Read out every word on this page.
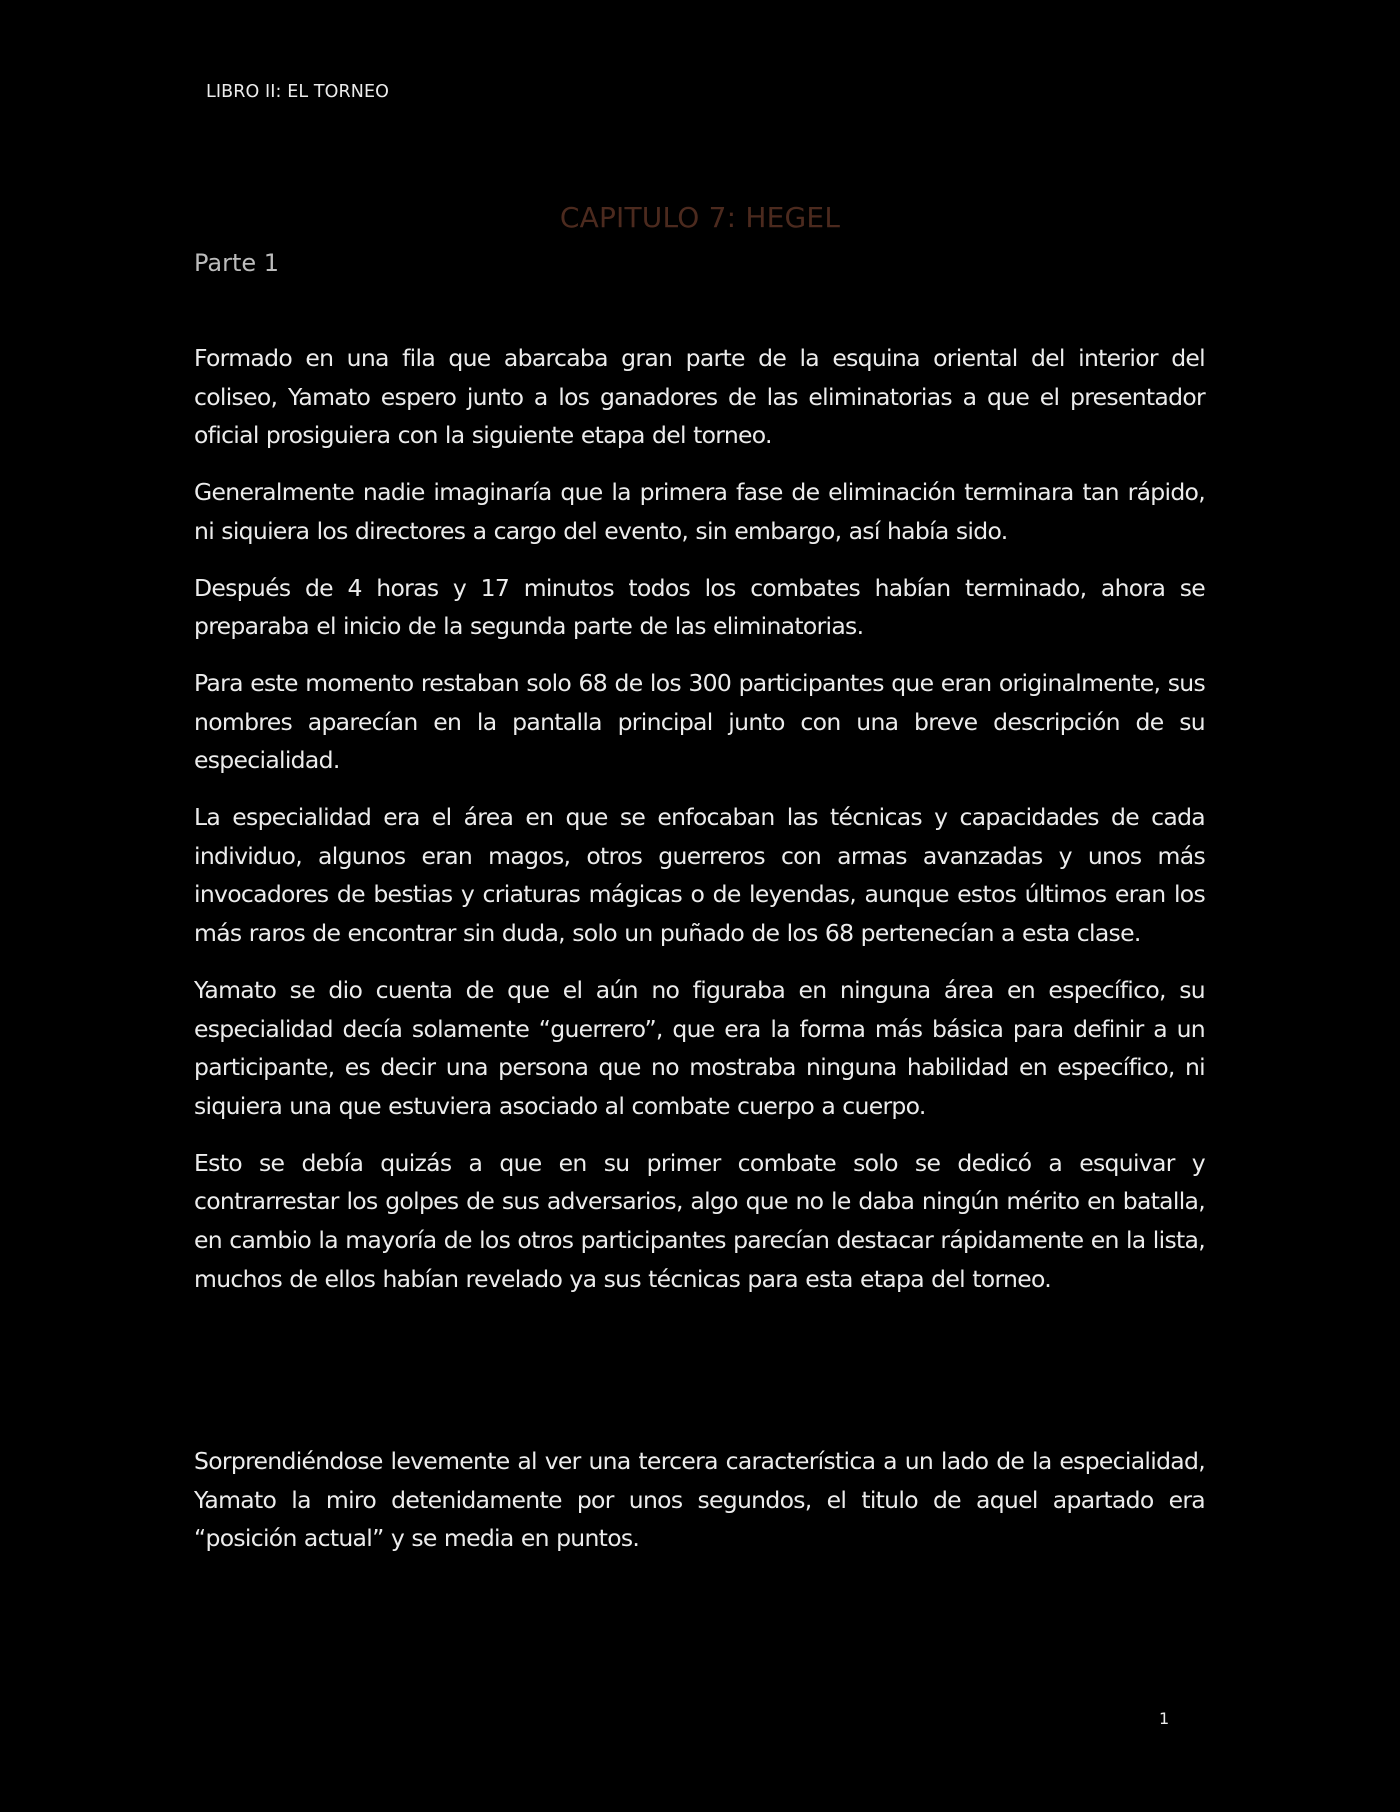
LIBRO II: EL TORNEO
CAPITULO 7: HEGEL
Parte 1

Formado en una fila que abarcaba gran parte de la esquina oriental del interior del coliseo, Yamato espero junto a los ganadores de las eliminatorias a que el presentador oficial prosiguiera con la siguiente etapa del torneo.

Generalmente nadie imaginaría que la primera fase de eliminación terminara tan rápido, ni siquiera los directores a cargo del evento, sin embargo, así había sido.

Después de 4 horas y 17 minutos todos los combates habían terminado, ahora se preparaba el inicio de la segunda parte de las eliminatorias.

Para este momento restaban solo 68 de los 300 participantes que eran originalmente, sus nombres aparecían en la pantalla principal junto con una breve descripción de su especialidad.

La especialidad era el área en que se enfocaban las técnicas y capacidades de cada individuo, algunos eran magos, otros guerreros con armas avanzadas y unos más invocadores de bestias y criaturas mágicas o de leyendas, aunque estos últimos eran los más raros de encontrar sin duda, solo un puñado de los 68 pertenecían a esta clase.

Yamato se dio cuenta de que el aún no figuraba en ninguna área en específico, su especialidad decía solamente “guerrero”, que era la forma más básica para definir a un participante, es decir una persona que no mostraba ninguna habilidad en específico, ni siquiera una que estuviera asociado al combate cuerpo a cuerpo.

Esto se debía quizás a que en su primer combate solo se dedicó a esquivar y contrarrestar los golpes de sus adversarios, algo que no le daba ningún mérito en batalla, en cambio la mayoría de los otros participantes parecían destacar rápidamente en la lista, muchos de ellos habían revelado ya sus técnicas para esta etapa del torneo.

Sorprendiéndose levemente al ver una tercera característica a un lado de la especialidad, Yamato la miro detenidamente por unos segundos, el titulo de aquel apartado era “posición actual” y se media en puntos.

1
